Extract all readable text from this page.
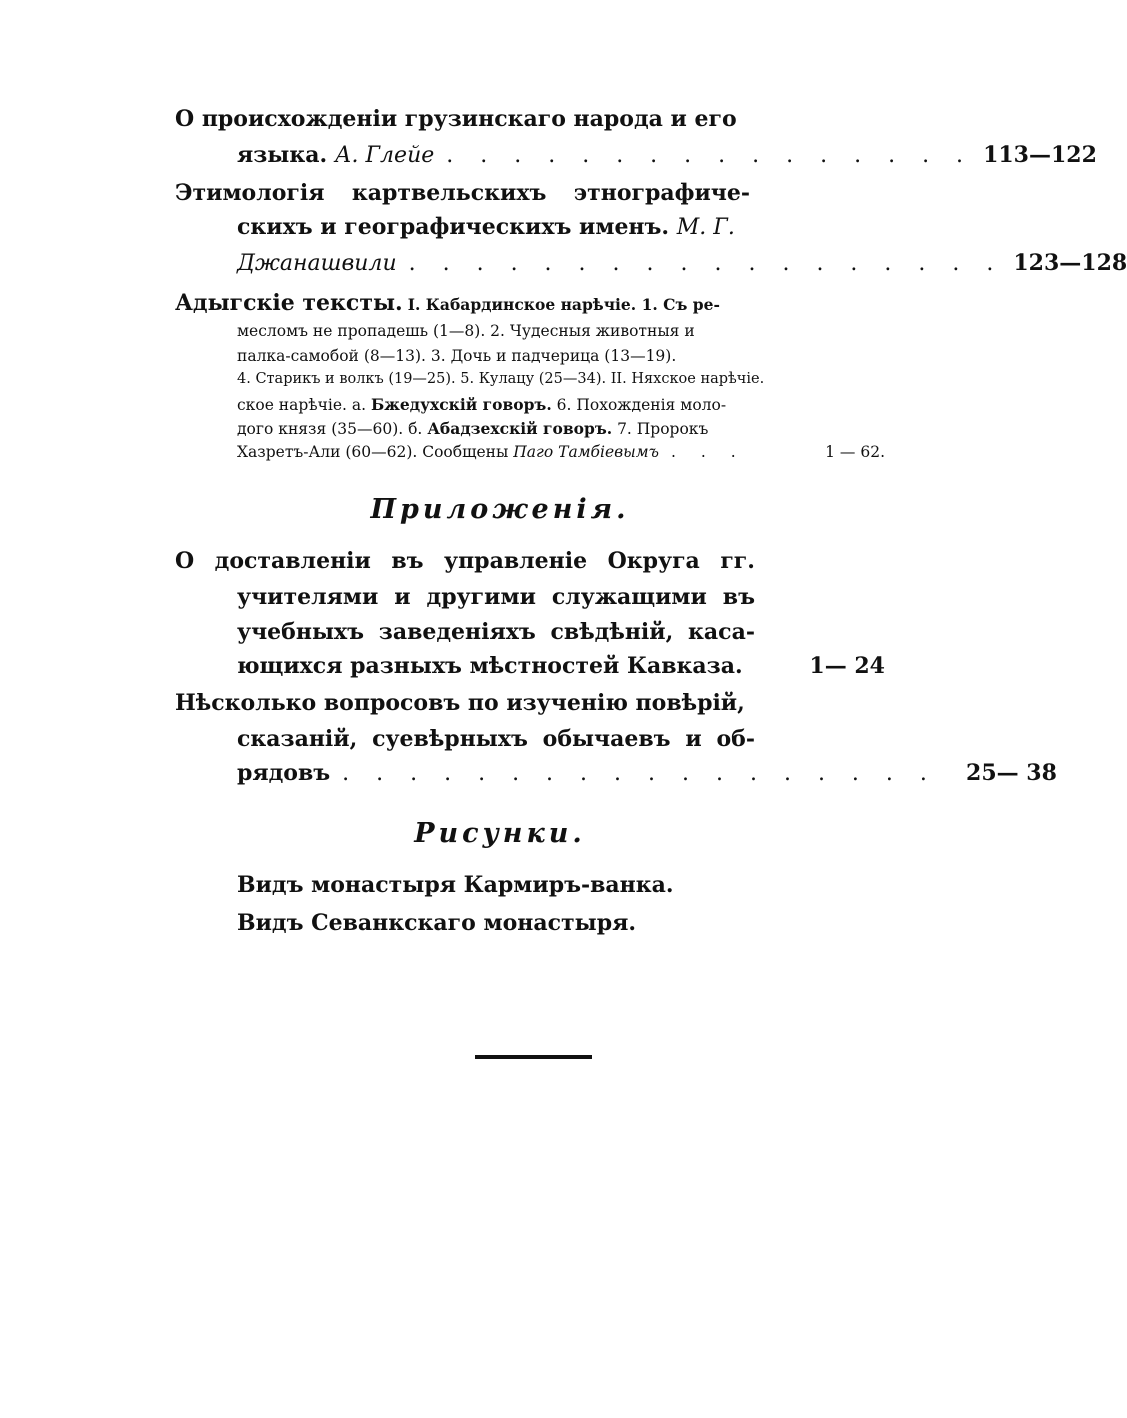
О происхожденіи грузинскаго народа и его
языка.
А. Глейе . . . . . . . . . . . . . . . . 113—122
Этимологія картвельскихъ этнографиче-
скихъ и географическихъ именъ.
М. Г.
Джанашвили . . . . . . . . . . . . . . . . . . 123—128
Адыгскіе тексты.
I. Кабардинское нарѣчіе. 1. Съ ре-
месломъ не пропадешь (1—8). 2. Чудесныя животныя и
палка-самобой (8—13). 3. Дочь и падчерица (13—19).
4. Старикъ и волкъ (19—25). 5. Кулацу (25—34). II. Няхское нарѣчіе.
ское нарѣчіе. а.
Бжедухскій говоръ.
6. Похожденія моло-
дого князя (35—60). б.
Абадзехскій говоръ.
7. Пророкъ
Хазретъ-Али (60—62). Сообщены
Паго Тамбіевымъ . . .	1 — 62.
Приложенія.
О доставленіи въ управленіе Округа гг.
учителями и другими служащими въ
учебныхъ заведеніяхъ свѣдѣній, каса-
ющихся разныхъ мѣстностей Кавказа.	1— 24
Нѣсколько вопросовъ по изученію повѣрій,
сказаній, суевѣрныхъ обычаевъ и об-
рядовъ . . . . . . . . . . . . . . . . . .	25— 38
Рисунки.
Видъ монастыря Кармиръ-ванка.
Видъ Севанкскаго монастыря.
